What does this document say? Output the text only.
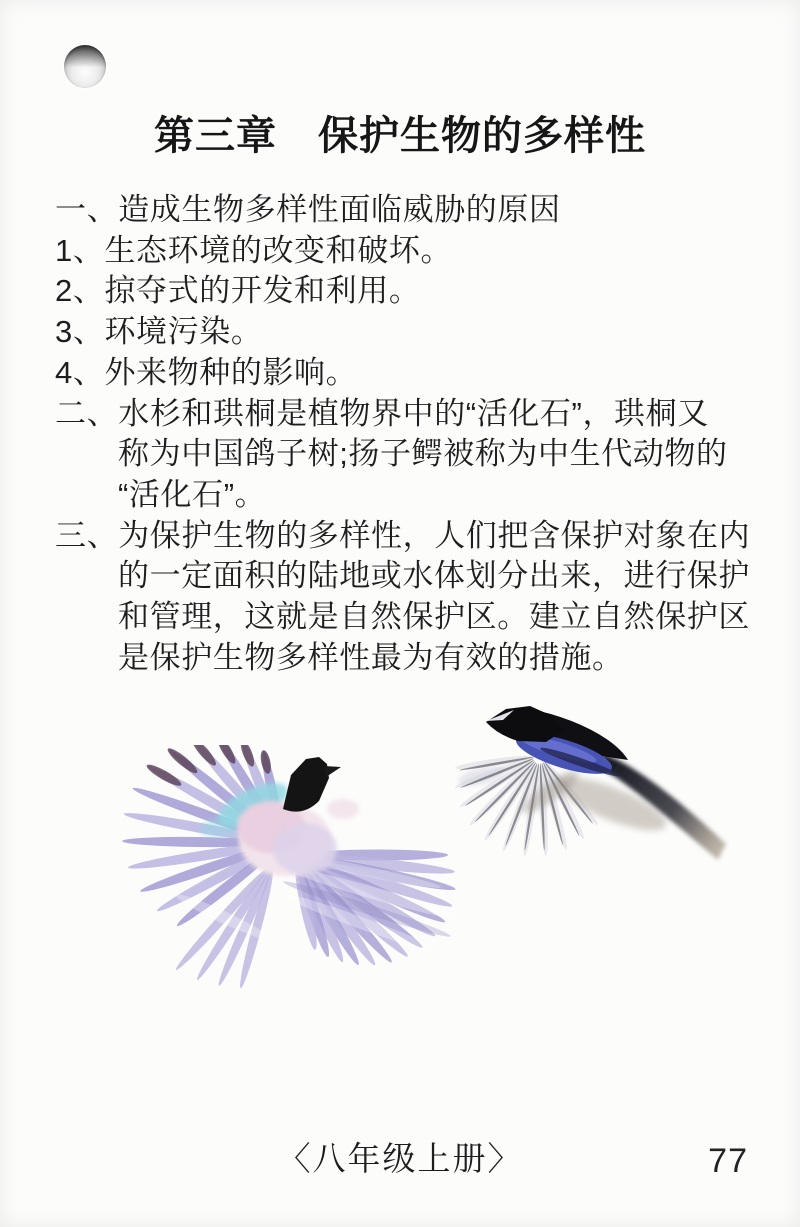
第三章　保护生物的多样性
一、造成生物多样性面临威胁的原因
1、生态环境的改变和破坏。
2、掠夺式的开发和利用。
3、环境污染。
4、外来物种的影响。
二、水杉和珙桐是植物界中的“活化石”，珙桐又
称为中国鸽子树;扬子鳄被称为中生代动物的
“活化石”。
三、为保护生物的多样性，人们把含保护对象在内
的一定面积的陆地或水体划分出来，进行保护
和管理，这就是自然保护区。建立自然保护区
是保护生物多样性最为有效的措施。
〈八年级上册〉	77
